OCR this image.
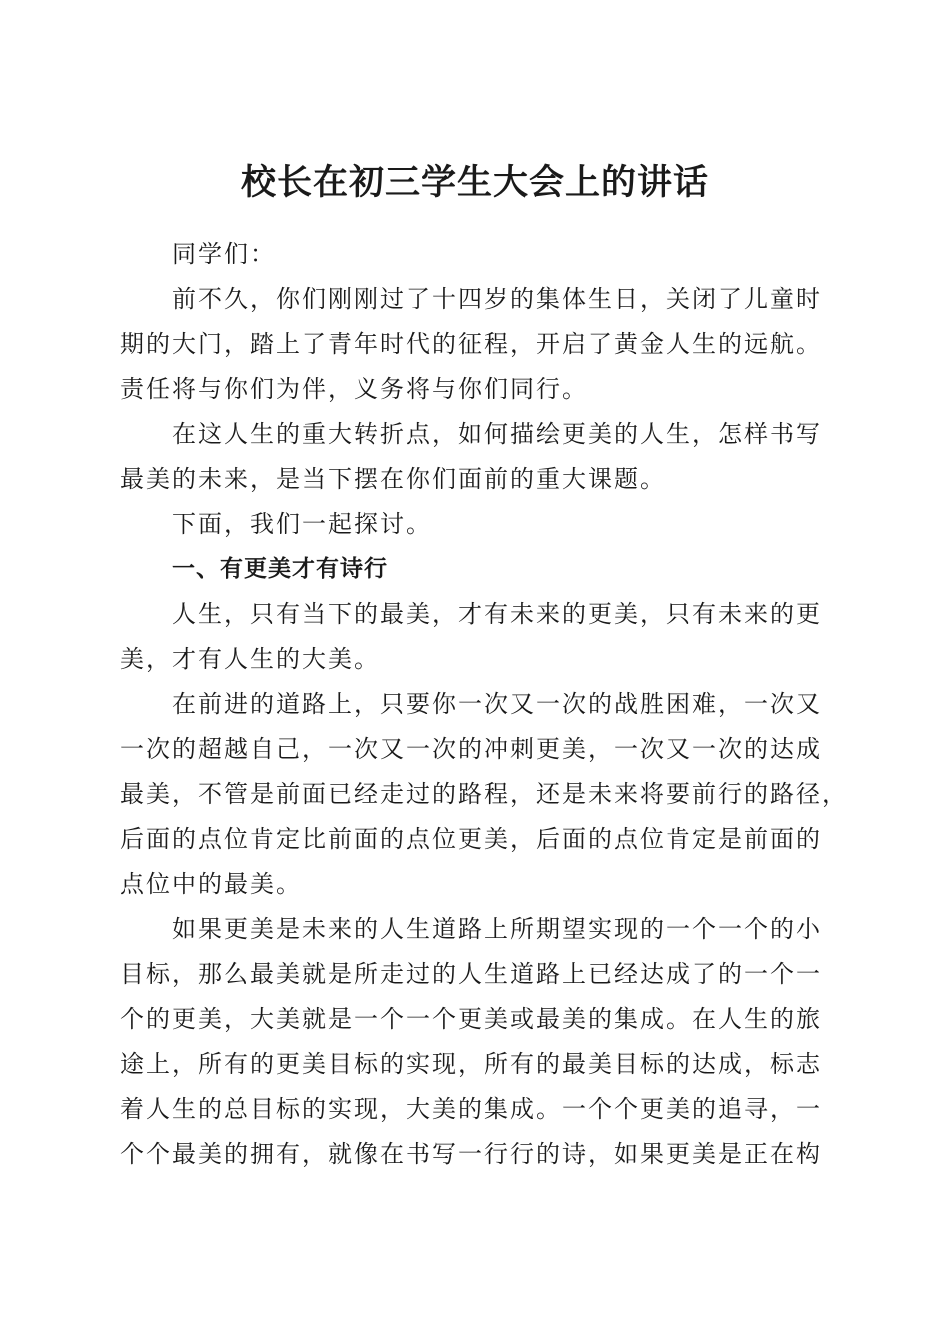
校长在初三学生大会上的讲话

同学们：

前不久，你们刚刚过了十四岁的集体生日，关闭了儿童时
期的大门，踏上了青年时代的征程，开启了黄金人生的远航。
责任将与你们为伴，义务将与你们同行。

在这人生的重大转折点，如何描绘更美的人生，怎样书写
最美的未来，是当下摆在你们面前的重大课题。

下面，我们一起探讨。

一、有更美才有诗行

人生，只有当下的最美，才有未来的更美，只有未来的更
美，才有人生的大美。

在前进的道路上，只要你一次又一次的战胜困难，一次又
一次的超越自己，一次又一次的冲刺更美，一次又一次的达成
最美，不管是前面已经走过的路程，还是未来将要前行的路径，
后面的点位肯定比前面的点位更美，后面的点位肯定是前面的
点位中的最美。

如果更美是未来的人生道路上所期望实现的一个一个的小
目标，那么最美就是所走过的人生道路上已经达成了的一个一
个的更美，大美就是一个一个更美或最美的集成。在人生的旅
途上，所有的更美目标的实现，所有的最美目标的达成，标志
着人生的总目标的实现，大美的集成。一个个更美的追寻，一
个个最美的拥有，就像在书写一行行的诗，如果更美是正在构
